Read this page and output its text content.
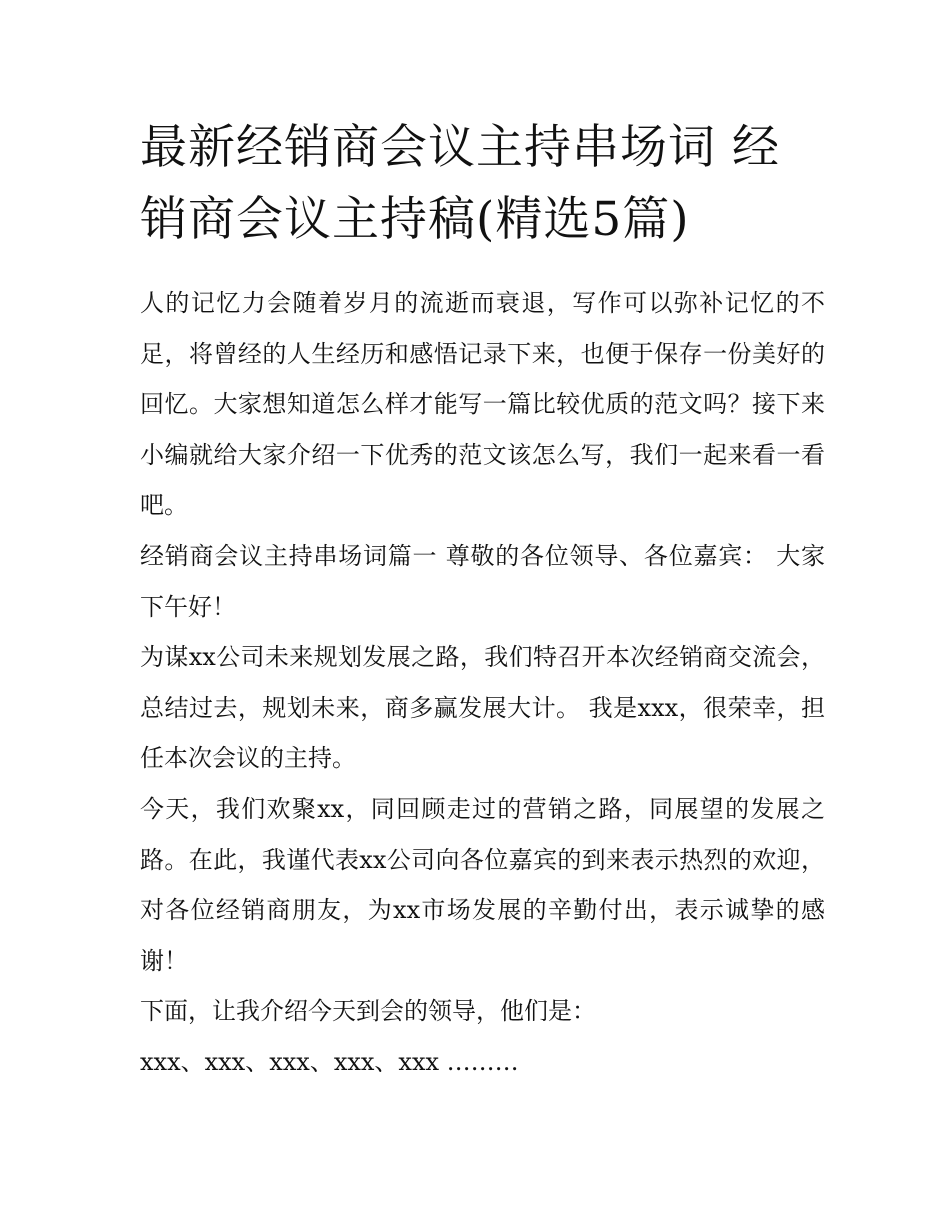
最新经销商会议主持串场词 经销商会议主持稿(精选5篇)

人的记忆力会随着岁月的流逝而衰退，写作可以弥补记忆的不足，将曾经的人生经历和感悟记录下来，也便于保存一份美好的回忆。大家想知道怎么样才能写一篇比较优质的范文吗？接下来小编就给大家介绍一下优秀的范文该怎么写，我们一起来看一看吧。

经销商会议主持串场词篇一 尊敬的各位领导、各位嘉宾： 大家下午好！

为谋xx公司未来规划发展之路，我们特召开本次经销商交流会，总结过去，规划未来，商多赢发展大计。 我是xxx，很荣幸，担任本次会议的主持。

今天，我们欢聚xx，同回顾走过的营销之路，同展望的发展之路。在此，我谨代表xx公司向各位嘉宾的到来表示热烈的欢迎，对各位经销商朋友，为xx市场发展的辛勤付出，表示诚挚的感谢！

下面，让我介绍今天到会的领导，他们是：

xxx、xxx、xxx、xxx、xxx ………
